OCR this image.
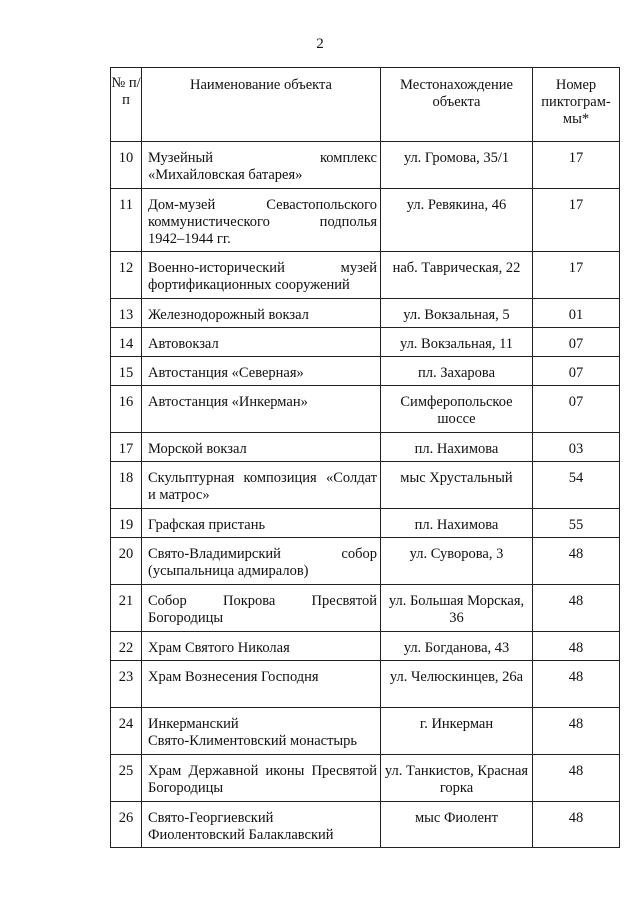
2
№ п/п	Наименование объекта	Местонахождение объекта	Номер пиктограм-мы*
10	Музейный комплекс
«Михайловская батарея»	ул. Громова, 35/1	17
11	Дом-музей Севастопольского
коммунистического подполья
1942–1944 гг.	ул. Ревякина, 46	17
12	Военно-исторический музей
фортификационных сооружений	наб. Таврическая, 22	17
13	Железнодорожный вокзал	ул. Вокзальная, 5	01
14	Автовокзал	ул. Вокзальная, 11	07
15	Автостанция «Северная»	пл. Захарова	07
16	Автостанция «Инкерман»	Симферопольское шоссе	07
17	Морской вокзал	пл. Нахимова	03
18	Скульптурная композиция «Солдат
и матрос»	мыс Хрустальный	54
19	Графская пристань	пл. Нахимова	55
20	Свято-Владимирский собор
(усыпальница адмиралов)	ул. Суворова, 3	48
21	Собор Покрова Пресвятой
Богородицы	ул. Большая Морская, 36	48
22	Храм Святого Николая	ул. Богданова, 43	48
23	Храм Вознесения Господня	ул. Челюскинцев, 26а	48
24	Инкерманский
Свято-Климентовский монастырь	г. Инкерман	48
25	Храм Державной иконы Пресвятой
Богородицы	ул. Танкистов, Красная горка	48
26	Свято-Георгиевский
Фиолентовский Балаклавский	мыс Фиолент	48
